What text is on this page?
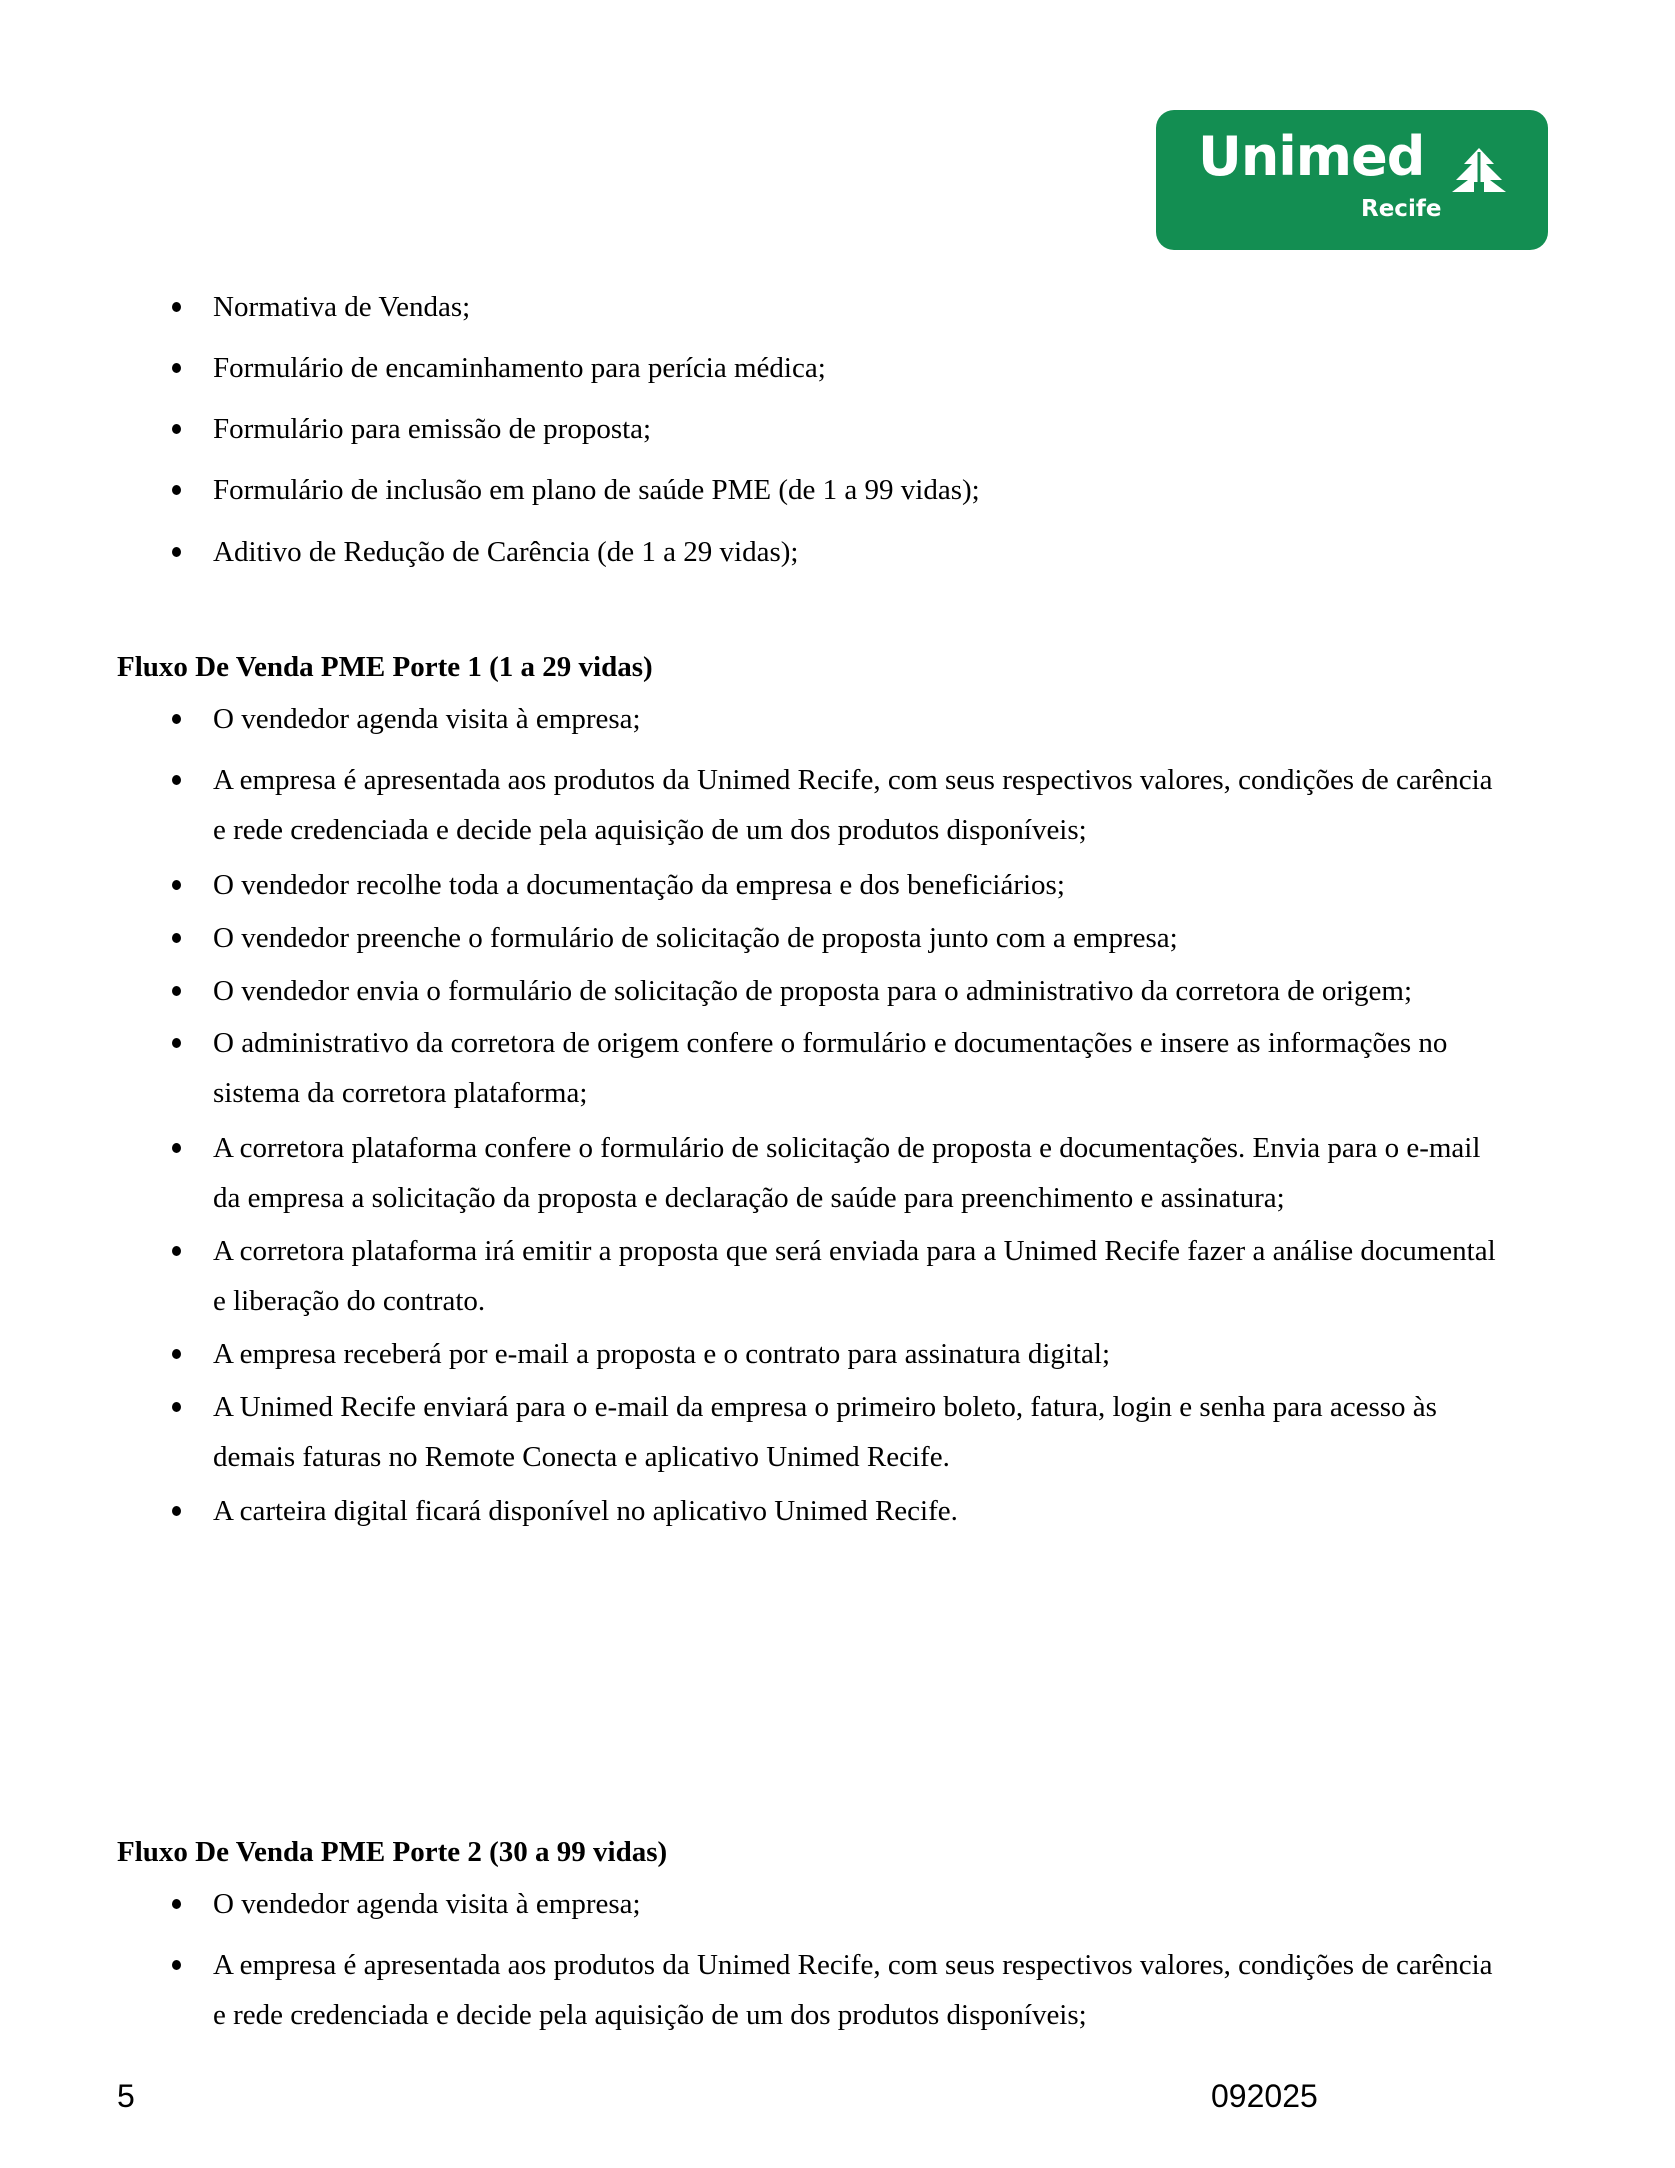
Unimed
Recife
Normativa de Vendas;
Formulário de encaminhamento para perícia médica;
Formulário para emissão de proposta;
Formulário de inclusão em plano de saúde PME (de 1 a 99 vidas);
Aditivo de Redução de Carência (de 1 a 29 vidas);
Fluxo De Venda PME Porte 1 (1 a 29 vidas)
O vendedor agenda visita à empresa;
A empresa é apresentada aos produtos da Unimed Recife, com seus respectivos valores, condições de carência
e rede credenciada e decide pela aquisição de um dos produtos disponíveis;
O vendedor recolhe toda a documentação da empresa e dos beneficiários;
O vendedor preenche o formulário de solicitação de proposta junto com a empresa;
O vendedor envia o formulário de solicitação de proposta para o administrativo da corretora de origem;
O administrativo da corretora de origem confere o formulário e documentações e insere as informações no
sistema da corretora plataforma;
A corretora plataforma confere o formulário de solicitação de proposta e documentações. Envia para o e-mail
da empresa a solicitação da proposta e declaração de saúde para preenchimento e assinatura;
A corretora plataforma irá emitir a proposta que será enviada para a Unimed Recife fazer a análise documental
e liberação do contrato.
A empresa receberá por e-mail a proposta e o contrato para assinatura digital;
A Unimed Recife enviará para o e-mail da empresa o primeiro boleto, fatura, login e senha para acesso às
demais faturas no Remote Conecta e aplicativo Unimed Recife.
A carteira digital ficará disponível no aplicativo Unimed Recife.
Fluxo De Venda PME Porte 2 (30 a 99 vidas)
O vendedor agenda visita à empresa;
A empresa é apresentada aos produtos da Unimed Recife, com seus respectivos valores, condições de carência
e rede credenciada e decide pela aquisição de um dos produtos disponíveis;
5	092025
